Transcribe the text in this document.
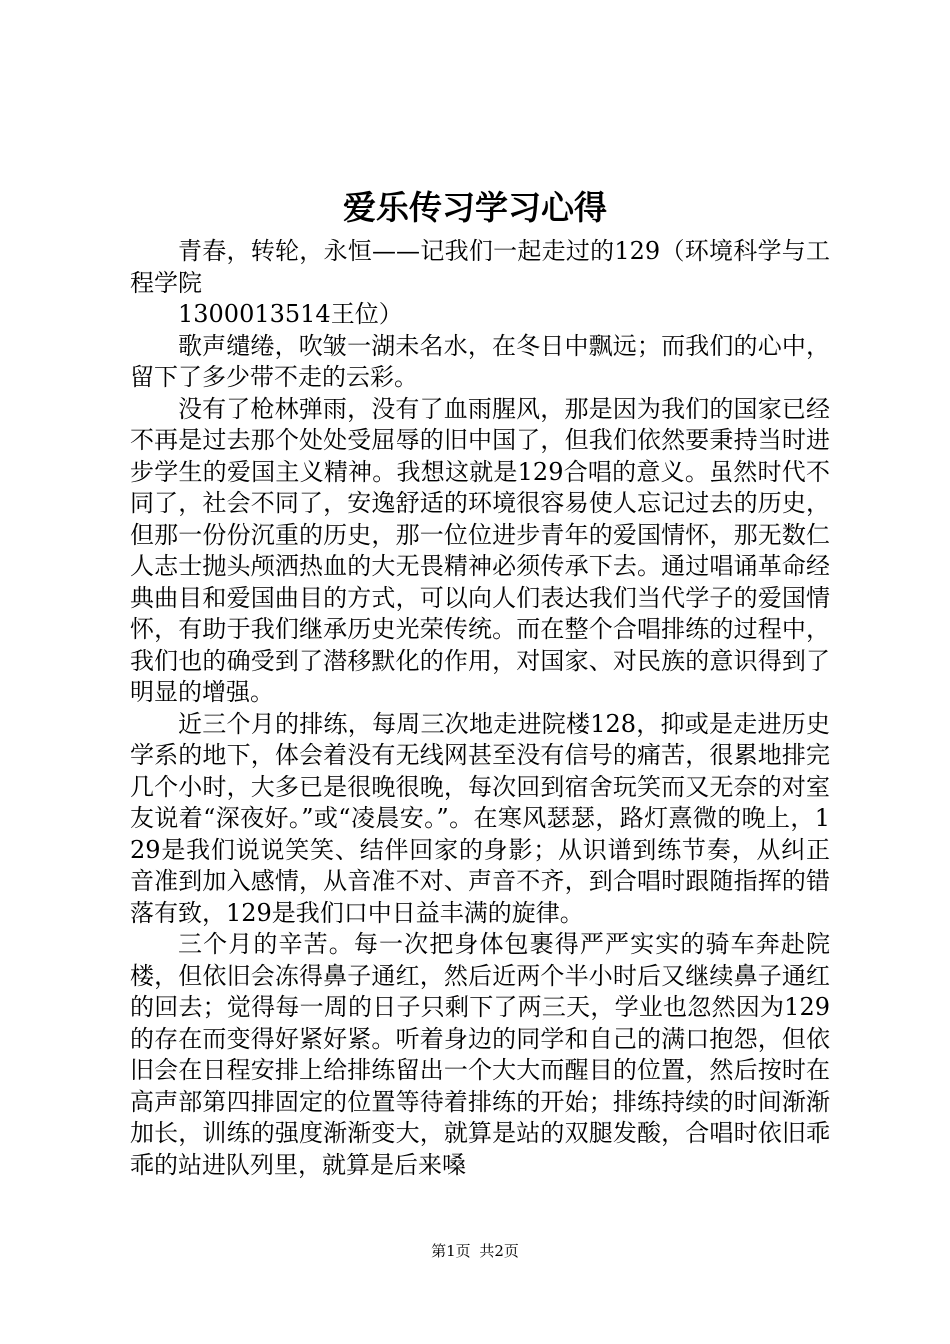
爱乐传习学习心得

青春，转轮，永恒——记我们一起走过的129（环境科学与工程学院

1300013514王位）

歌声缱绻，吹皱一湖未名水，在冬日中飘远；而我们的心中，留下了多少带不走的云彩。

没有了枪林弹雨，没有了血雨腥风，那是因为我们的国家已经不再是过去那个处处受屈辱的旧中国了，但我们依然要秉持当时进步学生的爱国主义精神。我想这就是129合唱的意义。虽然时代不同了，社会不同了，安逸舒适的环境很容易使人忘记过去的历史，但那一份份沉重的历史，那一位位进步青年的爱国情怀，那无数仁人志士抛头颅洒热血的大无畏精神必须传承下去。通过唱诵革命经典曲目和爱国曲目的方式，可以向人们表达我们当代学子的爱国情怀，有助于我们继承历史光荣传统。而在整个合唱排练的过程中，我们也的确受到了潜移默化的作用，对国家、对民族的意识得到了明显的增强。

近三个月的排练，每周三次地走进院楼128，抑或是走进历史学系的地下，体会着没有无线网甚至没有信号的痛苦，很累地排完几个小时，大多已是很晚很晚，每次回到宿舍玩笑而又无奈的对室友说着“深夜好。”或“凌晨安。”。在寒风瑟瑟，路灯熹微的晚上，129是我们说说笑笑、结伴回家的身影；从识谱到练节奏，从纠正音准到加入感情，从音准不对、声音不齐，到合唱时跟随指挥的错落有致，129是我们口中日益丰满的旋律。

三个月的辛苦。每一次把身体包裹得严严实实的骑车奔赴院楼，但依旧会冻得鼻子通红，然后近两个半小时后又继续鼻子通红的回去；觉得每一周的日子只剩下了两三天，学业也忽然因为129的存在而变得好紧好紧。听着身边的同学和自己的满口抱怨，但依旧会在日程安排上给排练留出一个大大而醒目的位置，然后按时在高声部第四排固定的位置等待着排练的开始；排练持续的时间渐渐加长，训练的强度渐渐变大，就算是站的双腿发酸，合唱时依旧乖乖的站进队列里，就算是后来嗓

第1页 共2页
